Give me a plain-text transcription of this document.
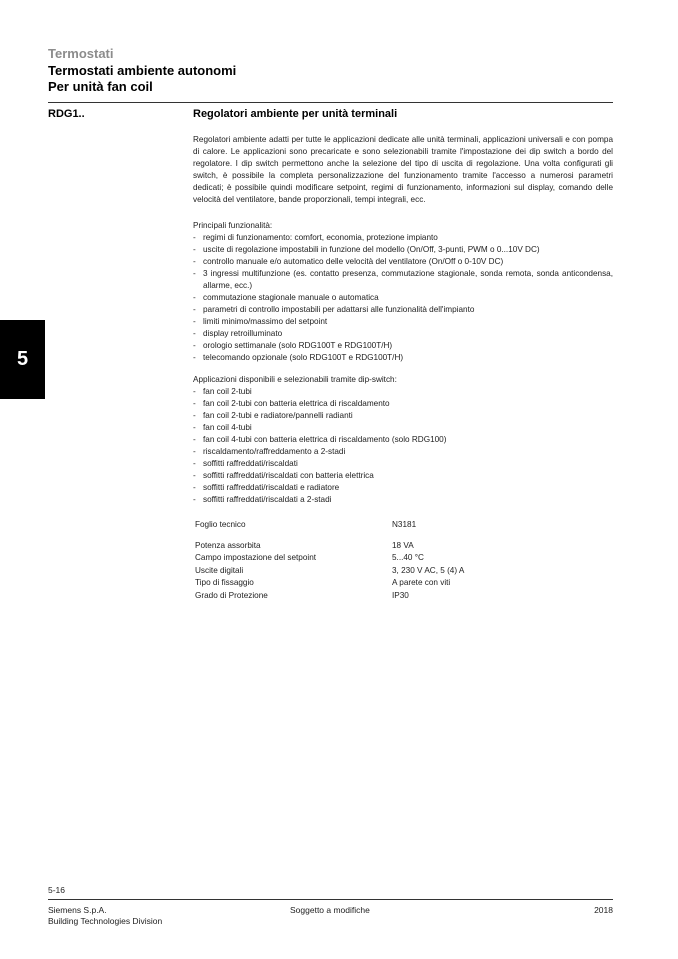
Termostati
Termostati ambiente autonomi
Per unità fan coil
RDG1..	Regolatori ambiente per unità terminali
Regolatori ambiente adatti per tutte le applicazioni dedicate alle unità terminali, applicazioni universali e con pompa di calore. Le applicazioni sono precaricate e sono selezionabili tramite l'impostazione dei dip switch a bordo del regolatore. I dip switch permettono anche la selezione del tipo di uscita di regolazione. Una volta configurati gli switch, è possibile la completa personalizzazione del funzionamento tramite l'accesso a numerosi parametri dedicati; è possibile quindi modificare setpoint, regimi di funzionamento, informazioni sul display, comando delle velocità del ventilatore, bande proporzionali, tempi integrali, ecc.
Principali funzionalità:
- regimi di funzionamento: comfort, economia, protezione impianto
- uscite di regolazione impostabili in funzione del modello (On/Off, 3-punti, PWM o 0...10V DC)
- controllo manuale e/o automatico delle velocità del ventilatore (On/Off o 0-10V DC)
- 3 ingressi multifunzione (es. contatto presenza, commutazione stagionale, sonda remota, sonda anticondensa, allarme, ecc.)
- commutazione stagionale manuale o automatica
- parametri di controllo impostabili per adattarsi alle funzionalità dell'impianto
- limiti minimo/massimo del setpoint
- display retroilluminato
- orologio settimanale (solo RDG100T e RDG100T/H)
- telecomando opzionale (solo RDG100T e RDG100T/H)
Applicazioni disponibili e selezionabili tramite dip-switch:
- fan coil 2-tubi
- fan coil 2-tubi con batteria elettrica di riscaldamento
- fan coil 2-tubi e radiatore/pannelli radianti
- fan coil 4-tubi
- fan coil 4-tubi con batteria elettrica di riscaldamento (solo RDG100)
- riscaldamento/raffreddamento a 2-stadi
- soffitti raffreddati/riscaldati
- soffitti raffreddati/riscaldati con batteria elettrica
- soffitti raffreddati/riscaldati e radiatore
- soffitti raffreddati/riscaldati a 2-stadi
Foglio tecnico	N3181
Potenza assorbita	18 VA
Campo impostazione del setpoint	5...40 °C
Uscite digitali	3, 230 V AC, 5 (4) A
Tipo di fissaggio	A parete con viti
Grado di Protezione	IP30
5
5-16
Siemens S.p.A.
Building Technologies Division
Soggetto a modifiche	2018
